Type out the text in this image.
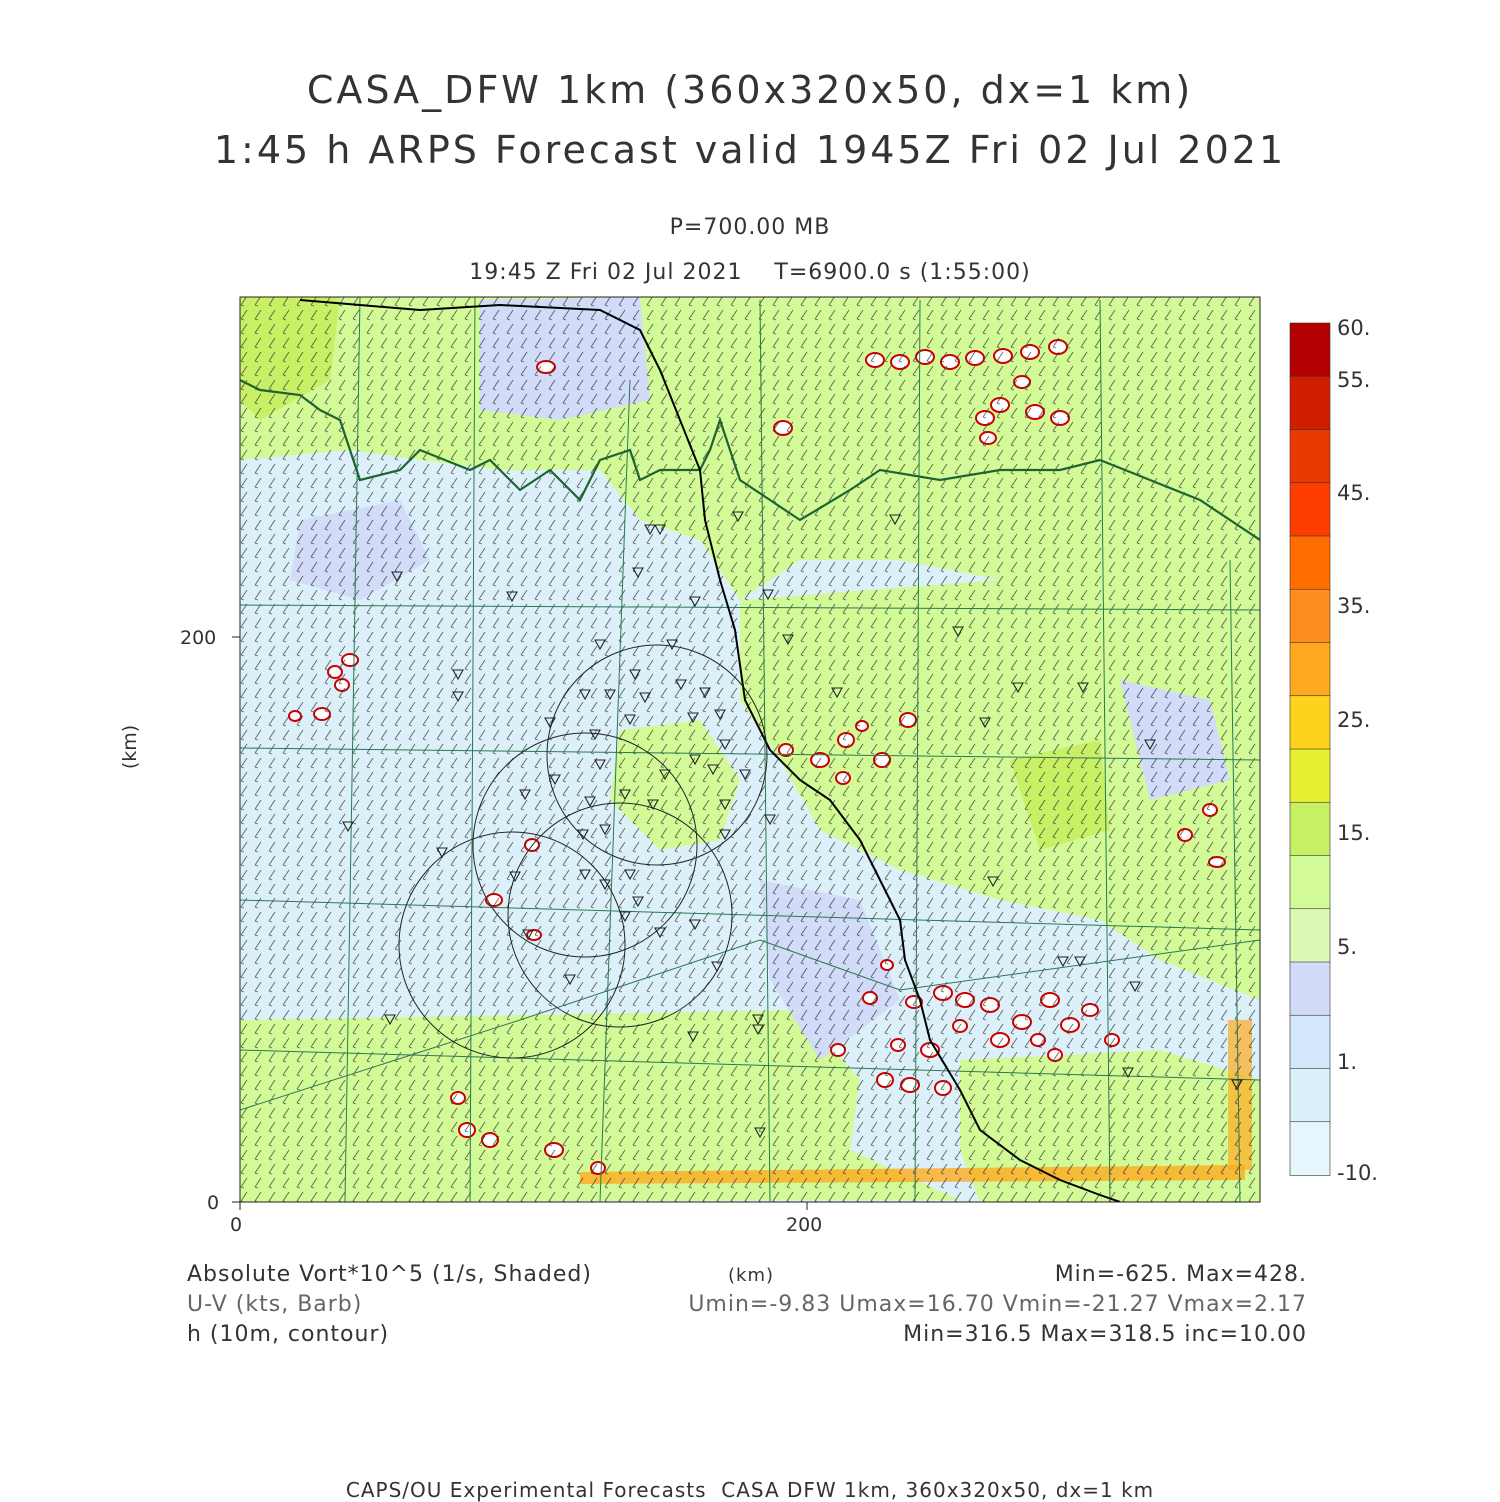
CASA_DFW 1km (360x320x50, dx=1 km)
1:45 h ARPS Forecast valid 1945Z Fri 02 Jul 2021
P=700.00 MB
19:45 Z Fri 02 Jul 2021    T=6900.0 s (1:55:00)
0	200
0
200
(km)
Absolute Vort*10^5 (1/s, Shaded)	(km)	Min=-625. Max=428.
U-V (kts, Barb)	Umin=-9.83 Umax=16.70 Vmin=-21.27 Vmax=2.17
h (10m, contour)	Min=316.5 Max=318.5 inc=10.00
CAPS/OU Experimental Forecasts  CASA DFW 1km, 360x320x50, dx=1 km
60.
55.
45.
35.
25.
15.
5.
1.
-10.
